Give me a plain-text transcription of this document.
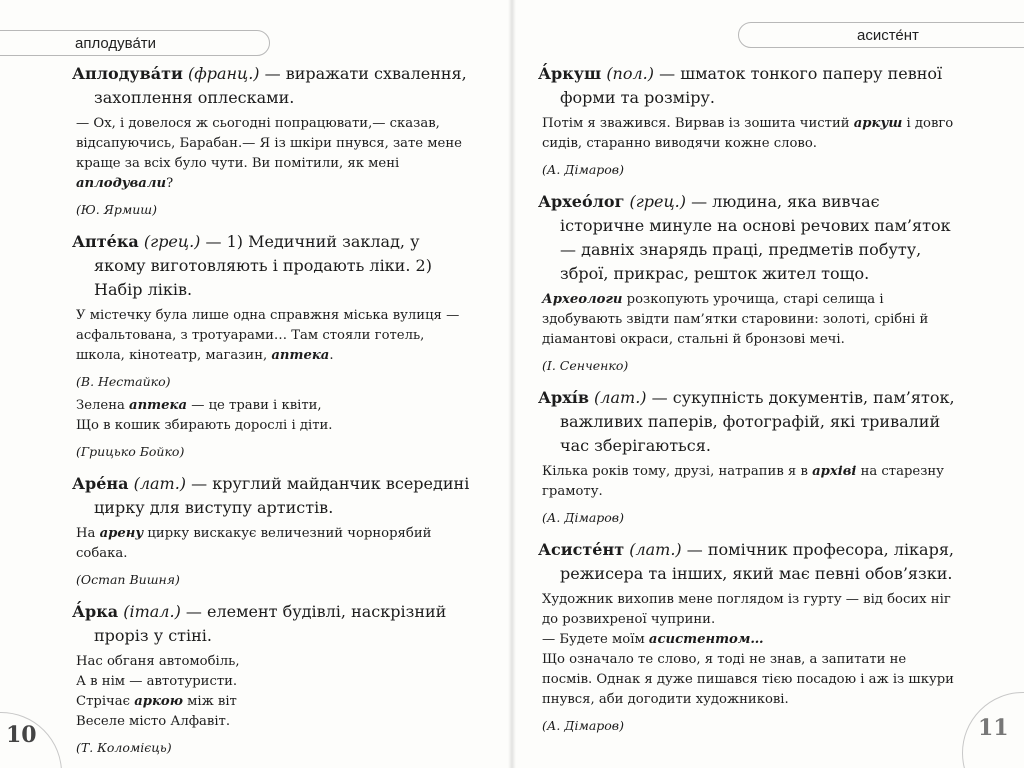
аплодува́ти

Аплодува́ти (франц.) — виражати схвалення, захоплення оплесками.

— Ох, і довелося ж сьогодні попрацювати,— сказав, відсапуючись, Барабан.— Я із шкіри пнувся, зате мене краще за всіх було чути. Ви помітили, як мені аплодували?

(Ю. Ярмиш)

Апте́ка (грец.) — 1) Медичний заклад, у якому виготовляють і продають ліки. 2) Набір ліків.

У містечку була лише одна справжня міська вулиця — асфальтована, з тротуарами… Там стояли готель, школа, кінотеатр, магазин, аптека.

(В. Нестайко)

Зелена аптека — це трави і квіти,
Що в кошик збирають дорослі і діти.

(Грицько Бойко)

Аре́на (лат.) — круглий майданчик всередині цирку для виступу артистів.

На арену цирку вискакує величезний чорнорябий собака.

(Остап Вишня)

А́рка (італ.) — елемент будівлі, наскрізний проріз у стіні.

Нас обганя автомобіль,
А в нім — автотуристи.
Стрічає аркою між віт
Веселе місто Алфавіт.

(Т. Коломієць)

10
асисте́нт

А́ркуш (пол.) — шматок тонкого паперу певної форми та розміру.

Потім я зважився. Вирвав із зошита чистий аркуш і довго сидів, старанно виводячи кожне слово.

(А. Дімаров)

Архео́лог (грец.) — людина, яка вивчає історичне минуле на основі речових пам’яток — давніх знарядь праці, предметів побуту, зброї, прикрас, решток жител тощо.

Археологи розкопують урочища, старі селища і здобувають звідти пам’ятки старовини: золоті, срібні й діамантові окраси, стальні й бронзові мечі.

(І. Сенченко)

Архі́в (лат.) — сукупність документів, пам’яток, важливих паперів, фотографій, які тривалий час зберігаються.

Кілька років тому, друзі, натрапив я в архіві на старезну грамоту.

(А. Дімаров)

Асисте́нт (лат.) — помічник професора, лікаря, режисера та інших, який має певні обов’язки.

Художник вихопив мене поглядом із гурту — від босих ніг до розвихреної чуприни.
— Будете моїм асистентом…
Що означало те слово, я тоді не знав, а запитати не посмів. Однак я дуже пишався тією посадою і аж із шкури пнувся, аби догодити художникові.

(А. Дімаров)	11
